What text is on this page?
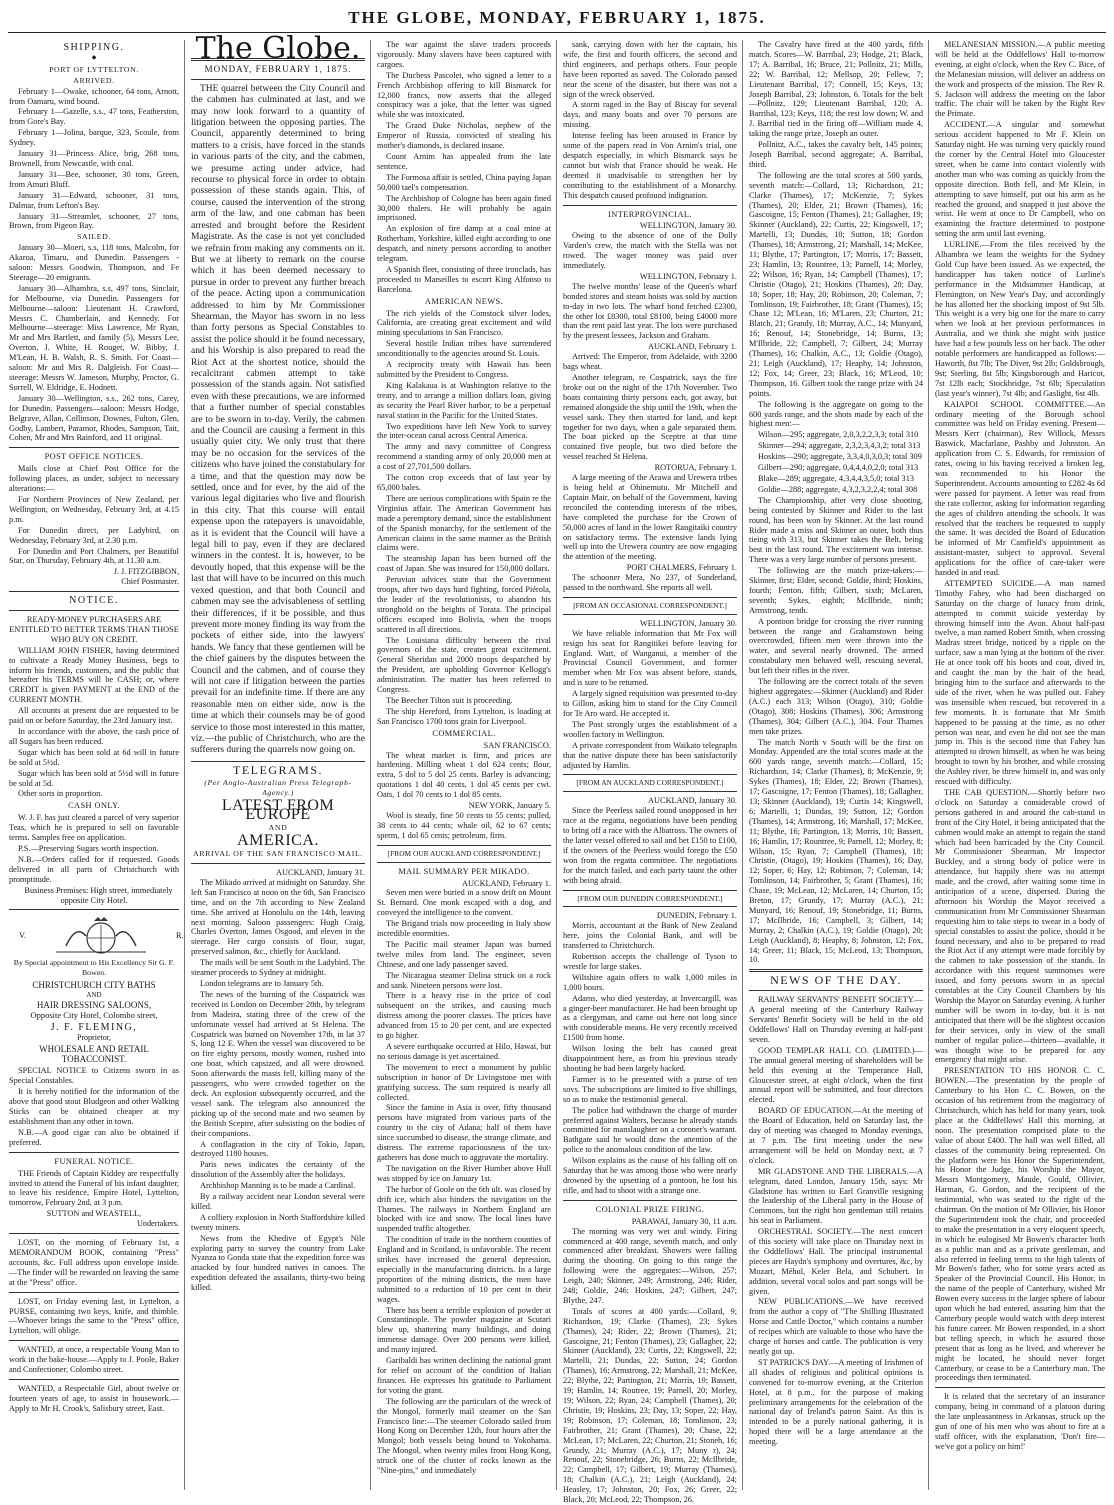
THE GLOBE, MONDAY, FEBRUARY 1, 1875.
SHIPPING.
◆
PORT OF LYTTELTON.
ARRIVED.

February 1—Owake, schooner, 64 tons, Arnott, from Oamaru, wind bound.

February 1—Gazelle, s.s., 47 tons, Featherston, from Gore's Bay.

February 1—Jolina, barque, 323, Scoule, from Sydney.

January 31—Princess Alice, brig, 268 tons, Brownell, from Newcastle, with coal.

January 31—Bee, schooner, 30 tons, Green, from Amuri Bluff.

January 31—Edward, schooner, 31 tons, Dalmar, from Lefton's Bay.

January 31—Streamlet, schooner, 27 tons, Brown, from Pigeon Bay.

SAILED.

January 30—Moeri, s.s, 118 tons, Malcolm, for Akaroa, Timaru, and Dunedin. Passengers - saloon: Messrs Goodwin, Thompson, and Fe Steerage—20 emigrants.

January 30—Alhambra, s.s, 497 tons, Sinclair, for Melbourne, via Dunedin. Passengers for Melbourne—saloon: Lieutenant H. Crawford, Messrs C. Chamberlain, and Kennedy. For Melbourne—steerage: Miss Lawrence, Mr Ryan, Mr and Mrs Bartlett, and family (5), Messrs Lee, Overton, J. White, H. Rouget, W. Bibby, J. M'Lean, H. B. Walsh, R. S. Smith. For Coast—saloon: Mr and Mrs R. Dalgleish. For Coast—steerage: Messrs W. Jameson, Murphy, Proctor, G. Sorrell, W. Eldridge, E. Hodnett.

January 30—Wellington, s.s., 262 tons, Carey, for Dunedin. Passengers—saloon: Messrs Hodge, Belgrave, Allan, Collinson, Downes, Fulton, Glen, Godby, Lambert, Paramor, Rhodes, Sampson, Tait, Cohen, Mr and Mrs Rainford, and 11 original.

POST OFFICE NOTICES.

Mails close at Chief Post Office for the following places, as under, subject to necessary alterations:—

For Northern Provinces of New Zealand, per Wellington, on Wednesday, February 3rd, at 4.15 p.m.

For Dunedin direct, per Ladybird, on Wednesday, February 3rd, at 2.30 p.m.

For Dunedin and Port Chalmers, per Beautiful Star, on Thursday, February 4th, at 11.30 a.m.

J. J. FITZGIBBON,
Chief Postmaster.
NOTICE.

READY-MONEY PURCHASERS ARE ENTITLED TO BETTER TERMS THAN THOSE WHO BUY ON CREDIT.

WILLIAM JOHN FISHER, having determined to cultivate a Ready Money Business, begs to inform his friends, customers, and the public that hereafter his TERMS will be CASH; or, where CREDIT is given PAYMENT at the END of the CURRENT MONTH.

All accounts at present due are requested to be paid on or before Saturday, the 23rd January inst.

In accordance with the above, the cash price of all Sugars has been reduced.

Sugar which has been sold at 6d will in future be sold at 5½d.

Sugar which has been sold at 5½d will in future be sold at 5d.

Other sorts in proportion.

CASH ONLY.

W. J. F. has just cleared a parcel of very superior Teas, which he is prepared to sell on favorable terms. Samples free on application.

P.S.—Preserving Sugars worth inspection.

N.B.—Orders called for if requested. Goods delivered in all parts of Christchurch with promptitude.

Business Premises: High street, immediately opposite City Hotel.

V.	R.
By Special appointment to His Excellency Sir G. F. Bowen.
CHRISTCHURCH CITY BATHS
AND
HAIR DRESSING SALOONS,
Opposite City Hotel, Colombo street,
J. F. FLEMING,
Proprietor,
WHOLESALE AND RETAIL TOBACCONIST.

SPECIAL NOTICE to Citizens sworn in as Special Constables.

It is hereby notified for the information of the above that good stout Bludgeon and other Walking Sticks can be obtained cheaper at my establishment than any other in town.

N.B.—A good cigar can also be obtained if preferred.

FUNERAL NOTICE.

THE Friends of Captain Kiddey are respectfully invited to attend the Funeral of his infant daughter, to leave his residence, Empire Hotel, Lyttelton, tomorrow, February 2nd, at 3 p.m.

SUTTON and WEASTELL,
Undertakers.

LOST, on the morning of February 1st, a MEMORANDUM BOOK, containing "Press" accounts, &c. Full address upon envelope inside.—The finder will be rewarded on leaving the same at the "Press" office.

LOST, on Friday evening last, in Lyttelton, a PURSE, containing two keys, knife, and thimble.—Whoever brings the same to the "Press" office, Lyttelton, will oblige.

WANTED, at once, a respectable Young Man to work in the bake-house.—Apply to J. Poole, Baker and Confectioner, Colombo street.

WANTED, a Respectable Girl, about twelve or fourteen years of age, to assist in housework.—Apply to Mr H. Crook's, Salisbury street, East.

The Globe.
MONDAY, FEBRUARY 1, 1875.

THE quarrel between the City Council and the cabmen has culminated at last, and we may now look forward to a quantity of litigation between the opposing parties. The Council, apparently determined to bring matters to a crisis, have forced in the stands in various parts of the city, and the cabmen, we presume acting under advice, had recourse to physical force in order to obtain possession of these stands again. This, of course, caused the intervention of the strong arm of the law, and one cabman has been arrested and brought before the Resident Magistrate. As the case is not yet concluded we refrain from making any comments on it. But we at liberty to remark on the course which it has been deemed necessary to pursue in order to prevent any further breach of the peace. Acting upon a communication addressed to him by Mr Commissioner Shearman, the Mayor has sworn in no less than forty persons as Special Constables to assist the police should it be found necessary, and his Worship is also prepared to read the Riot Act at the shortest notice, should the recalcitrant cabmen attempt to take possession of the stands again. Not satisfied even with these precautions, we are informed that a further number of special constables are to be sworn in to-day. Verily, the cabmen and the Council are causing a ferment in this usually quiet city. We only trust that there may be no occasion for the services of the citizens who have joined the constabulary for a time, and that the question may now be settled, once and for ever, by the aid of the various legal digitaries who live and flourish in this city. That this course will entail expense upon the ratepayers is unavoidable, as it is evident that the Council will have a legal bill to pay, even if they are declared winners in the contest. It is, however, to be devoutly hoped, that this expense will be the last that will have to be incurred on this much vexed question, and that both Council and cabmen may see the advisableness of settling their differences, if it be possible, and thus prevent more money finding its way from the pockets of either side, into the lawyers' hands. We fancy that these gentlemen will be the chief gainers by the disputes between the Council and the cabmen, and of course they will not care if litigation between the parties prevail for an indefinite time. If there are any reasonable men on either side, now is the time at which their counsels may be of good service to those most interested in this matter, viz.—the public of Christchurch, who are the sufferers during the quarrels now going on.

TELEGRAMS.
(Per Anglo-Australian Press Telegraph-Agency.)
LATEST FROM EUROPE
AND
AMERICA.
ARRIVAL OF THE SAN FRANCISCO MAIL.
AUCKLAND, January 31.

The Mikado arrived at midnight on Saturday. She left San Francisco at noon on the 6th, San Francisco time, and on the 7th according to New Zealand time. She arrived at Honolulu on the 14th, leaving next morning. Saloon passengers: Hugh Craig, Charles Overton, James Osgood, and eleven in the steerage. Her cargo consists of flour, sugar, preserved salmon, &c., chiefly for Auckland.

The mails will be sent South in the Ladybird. The steamer proceeds to Sydney at midnight.

London telegrams are to January 5th.

The news of the burning of the Cospatrick was received in London on December 28th, by telegram from Madeira, stating three of the crew of the unfortunate vessel had arrived at St Helena. The Cospatrick was burned on November 17th, in lat 37 S, long 12 E. When the vessel was discovered to be on fire eighty persons, mostly women, rushed into one boat, which capsized, and all were drowned. Soon afterwards the masts fell, killing many of the passengers, who were crowded together on the deck. An explosion subsequently occurred, and the vessel sank. The telegram also announced the picking up of the second mate and two seamen by the British Sceptre, after subsisting on the bodies of their companions.

A conflagration in the city of Tokio, Japan, destroyed 1180 houses.

Paris news indicates the certainty of the dissolution of the Assembly after the holidays.

Archbishop Manning is to be made a Cardinal.

By a railway accident near London several were killed.

A colliery explosion in North Staffordshire killed twenty miners.

News from the Khedive of Egypt's Nile exploring party to survey the country from Lake Nyanza to Gonda state that the expedition force was attacked by four hundred natives in canoes. The expedition defeated the assailants, thirty-two being killed.

The war against the slave traders proceeds vigorously. Many slavers have been captured with cargoes.

The Duchess Pascolet, who signed a letter to a French Archbishop offering to kill Bismarck for 12,000 francs, now asserts that the alleged conspiracy was a joke, that the letter was signed while she was intoxicated.

The Grand Duke Nicholas, nephew of the Emperor of Russia, convicted of stealing his mother's diamonds, is declared insane.

Count Arnim has appealed from the late sentence.

The Formosa affair is settled, China paying Japan 50,000 tael's compensation.

The Archbishop of Cologne has been again fined 30,000 thalers. He will probably be again imprisoned.

An explosion of fire damp at a coal mine at Rotherham, Yorkshire, killed eight according to one despatch, and ninety persons according to another telegram.

A Spanish fleet, consisting of three ironclads, has proceeded to Marseilles to escort King Alfonso to Barcelona.

AMERICAN NEWS.

The rich yields of the Comstock silver lodes, California, are creating great excitement and wild mining speculations in San Francisco.

Several hostile Indian tribes have surrendered unconditionally to the agencies around St. Louis.

A reciprocity treaty with Hawaii has been submitted by the President to Congress.

King Kalakaua is at Washington relative to the treaty, and to arrange a million dollars loan, giving as security the Pearl River harbor, to be a perpetual naval station in the Pacific for the United States.

Two expeditions have left New York to survey the inter-ocean canal across Central America.

The army and navy committee of Congress recommend a standing army of only 20,000 men at a cost of 27,701,500 dollars.

The cotton crop exceeds that of last year by 65,000 bales.

There are serious complications with Spain re the Virginius affair. The American Government has made a peremptory demand, since the establishment of the Spanish monarchy, for the settlement of the American claims in the same manner as the British claims were.

The steamship Japan has been burned off the coast of Japan. She was insured for 150,000 dollars.

Peruvian advices state that the Government troops, after two days hard fighting, forced Piérola, the leader of the revolutionists, to abandon his stronghold on the heights of Torata. The principal officers escaped into Bolivia, when the troops scattered in all directions.

The Louisiana difficulty between the rival governors of the state, creates great excitement. General Sheridan and 2000 troops despatched by the President, are upholding Governor Kellogg's administration. The matter has been referred to Congress.

The Beecher Tilton suit is proceeding.

The ship Hereford, from Lyttelton, is loading at San Francisco 1700 tons grain for Liverpool.

COMMERCIAL.
SAN FRANCISCO.

The wheat market is firm, and prices are hardening. Milling wheat 1 dol 624 cents; flour, extra, 5 dol to 5 dol 25 cents. Barley is advancing; quotations 1 dol 40 cents, 1 dol 45 cents per cwt. Oats, 1 dol 70 cents to 1 dol 85 cents.

NEW YORK, January 5.

Wool is steady, fine 50 cents to 55 cents; pulled, 38 cents to 44 cents; whale oil, 62 to 67 cents; sperm, 1 dol 65 cents; petroleum, firm.

[FROM OUR AUCKLAND CORRESPONDENT.]
MAIL SUMMARY PER MIKADO.
AUCKLAND, February 1.

Seven men were buried in a snow drift on Mount St. Bernard. One monk escaped with a dog, and conveyed the intelligence to the convent.

The Brigand trials now proceeding in Italy show incredible enormities.

The Pacific mail steamer Japan was burned twelve miles from land. The engineer, seven Chinese, and one lady passenger saved.

The Nicaragua steamer Delina struck on a rock and sank. Nineteen persons were lost.

There is a heavy rise in the price of coal subsequent on the strikes, and causing much distress among the poorer classes. The prices have advanced from 15 to 20 per cent, and are expected to go higher.

A severe earthquake occurred at Hilo, Hawai, but no serious damage is yet ascertained.

The movement to erect a monument by public subscription in honor of Dr Livingstone met with gratifying success. The sum required is nearly all collected.

Since the famine in Asia is over, fifty thousand persons have migrated from various parts of the country to the city of Adana; half of them have since succumbed to disease, the strange climate, and distress. The extreme rapaciousness of the tax-gatherers has done much to aggravate the mortality.

The navigation on the River Humber above Hull was stopped by ice on January 1st.

The harbor of Goole on the 6th ult. was closed by drift ice, which also hinders the navigation on the Thames. The railways in Northern England are blocked with ice and snow. The local lines have suspended traffic altogether.

The condition of trade in the northern counties of England and in Scotland, is unfavorable. The recent strikes have increased the general depression, especially in the manufacturing districts. In a large proportion of the mining districts, the men have submitted to a reduction of 10 per cent in their wages.

There has been a terrible explosion of powder at Constantinople. The powder magazine at Scutari blew up, shattering many buildings, and doing immense damage. Over 200 persons were killed, and many injured.

Garibaldi has written declining the national grant for relief on account of the condition of Italian finances. He expresses his gratitude to Parliament for voting the grant.

The following are the particulars of the wreck of the Mongol, formerly mail steamer on the San Francisco line:—The steamer Colorado sailed from Hong Kong on December 12th, four hours after the Mongol; both vessels being bound to Yokohama. The Mongol, when twenty miles from Hong Kong, struck one of the cluster of rocks known as the "Nine-pins," and immediately

sank, carrying down with her the captain, his wife, the first and fourth officers, the second and third engineers, and perhaps others. Four people have been reported as saved. The Colorado passed near the scene of the disaster, but there was not a sign of the wreck observed.

A storm raged in the Bay of Biscay for several days, and many boats and over 70 persons are missing.

Intense feeling has been aroused in France by some of the papers read in Von Arnim's trial, one despatch especially, in which Bismarck says he cannot but wish that France should be weak. He deemed it unadvisable to strengthen her by contributing to the establishment of a Monarchy. This despatch caused profound indignation.

INTERPROVINCIAL.
WELLINGTON, January 30.

Owing to the absence of one of the Dolly Varden's crew, the match with the Stella was not rowed. The wager money was paid over immediately.

WELLINGTON, February 1.

The twelve months' lease of the Queen's wharf bonded stores and steam hoists was sold by auction to-day in two lots. The wharf bond fetched £2300, the other lot £8300, total £8100, being £4000 more than the rent paid last year. The lots were purchased by the present lessees, Jackson and Graham.

AUCKLAND, February 1.

Arrived: The Emperor, from Adelaide, with 3200 bags wheat.

Another telegram, re Cospatrick, says the fire broke out on the night of the 17th November. Two boats containing thirty persons each, got away, but remained alongside the ship until the 19th, when the vessel sank. They then started for land, and kept together for two days, when a gale separated them. The boat picked up the Sceptre at that time contained five people, but two died before the vessel reached St Helena.

ROTORUA, February 1.

A large meeting of the Arawa and Urewera tribes is being held at Ohinemutu. Mr Mitchell and Captain Mair, on behalf of the Government, having reconciled the contending interests of the tribes, have completed the purchase for the Crown of 50,000 acres of land in the lower Rangitaiki country on satisfactory terms. The extensive lands lying well up into the Urewera country are now engaging the attention of the meeting.

PORT CHALMERS, February 1.

The schooner Mera, No 237, of Sunderland, passed to the northward. She reports all well.

[FROM AN OCCASIONAL CORRESPONDENT.]
WELLINGTON, January 30.

We have reliable information that Mr Fox will resign his seat for Rangitikei before leaving for England. Watt, of Wanganui, a member of the Provincial Council Government, and former member when Mr Fox was absent before, stands, and is sure to be returned.

A largely signed requisition was presented to-day to Gillon, asking him to stand for the City Council for Te Aro ward. He accepted it.

The Post strongly urges the establishment of a woollen factory in Wellington.

A private correspondent from Waikato telegraphs that the native dispute there has been satisfactorily adjusted by Hamlin.

[FROM AN AUCKLAND CORRESPONDENT.]
AUCKLAND, January 30.

Since the Peerless sailed round unopposed in her race at the regatta, negotiations have been pending to bring off a race with the Albatross. The owners of the latter vessel offered to sail and bet £150 to £100, if the owners of the Peerless would forego the £50 won from the regatta committee. The negotiations for the match failed, and each party taunt the other with being afraid.

[FROM OUR DUNEDIN CORRESPONDENT.]
DUNEDIN, February 1.

Morris, accountant at the Bank of New Zealand here, joins the Colonial Bank, and will be transferred to Christchurch.

Robertson accepts the challenge of Tyson to wrestle for large stakes.

Wiltshire again offers to walk 1,000 miles in 1,000 hours.

Adams, who died yesterday, at Invercargill, was a ginger-beer manufacturer. He had been brought up as a clergyman, and came out here not long since with considerable means. He very recently received £1500 from home.

Wilson losing the belt has caused great disappointment here, as from his previous steady shooting he had been largely backed.

Farmer is to be presented with a purse of ten sovs. The subscriptions are limited to five shillings, so as to make the testimonial general.

The police had withdrawn the charge of murder preferred against Walters, because he already stands committed for manslaughter on a coroner's warrant. Bathgate said he would draw the attention of the police to the anomalous condition of the law.

Wilson explains as the cause of his falling off on Saturday that he was among those who were nearly drowned by the upsetting of a pontoon, he lost his rifle, and had to shoot with a strange one.

COLONIAL PRIZE FIRING.
PARAWAI, January 30, 11 a.m.

The morning was very wet and windy. Firing commenced at 400 range, seventh match, and only commenced after breakfast. Showers were falling during the shooting. On going to this range the following were the aggregates:—Wilson, 257; Leigh, 240; Skinner, 249; Armstrong, 246; Rider, 248; Goldie, 246; Hoskins, 247; Gilbert, 247; Blythe, 247.

Totals of scores at 400 yards:—Collard, 9; Richardson, 19; Clarke (Thames), 23; Sykes (Thames), 24; Rider, 22; Brown (Thames), 21; Gascoigne, 21; Fenton (Thames), 23; Gallagher, 22; Skinner (Auckland), 23; Curtis, 22; Kingswell, 22; Martelli, 21; Dundas, 22; Sutton, 24; Gordon (Thames), 16; Armstrong, 22; Marshall, 21; McKee, 22; Blythe, 22; Partington, 21; Morris, 19; Bassett, 19; Hamlin, 14; Routree, 19; Parnell, 20; Morley, 19; Wilson, 22; Ryan, 24; Campbell (Thames), 20; Christie, 19; Hoskins, 23; Day, 13; Soper, 22; Hay, 19; Robinson, 17; Coleman, 18; Tomlinson, 23; Fairbrother, 21; Grant (Thames), 20; Chase, 22; McLean, 17; McLaren, 22; Churton, 21; Stoneh, 16; Grundy, 21; Murray (A.C.), 17; Muny r), 24; Renouf, 22; Stonebridge, 26; Burns, 22; McIlbride, 22; Campbell, 17; Gilbert, 19; Murray (Thames), 18; Chalkin (A.C.), 21; Leigh (Auckland), 24; Heasley, 17; Johnston, 20; Fox, 26; Greer, 22; Black, 20; McLeod, 22; Thompson, 26.

The Cavalry have fired at the 400 yards, fifth match. Scores—W. Barribal, 23; Hodge, 21; Black, 17; A. Barribal, 16; Bruce, 21; Pollnitz, 21; Mills, 22; W. Barribal, 12; Mellsop, 20; Fellew, 7; Lieutenant Barribal, 17; Connell, 15; Keys, 13; Joseph Barribal, 23; Johnston, 6. Totals for the belt—Pollnitz, 129; Lieutenant Barribal, 120; A. Barribal, 123; Keys, 118; the rest low down; W. and J. Barribal tied in the firing off—William made 4, taking the range prize, Joseph an outer.

Pollnitz, A.C., takes the cavalry belt, 145 points; Joseph Barribal, second aggregate; A. Barribal, third.

The following are the total scores at 500 yards, seventh match:—Collard, 13; Richardson, 21; Clarke (Thames), 17; McKenzie, 7; Sykes (Thames), 20; Elder, 21; Brown (Thames), 16; Gascoigne, 15; Fenton (Thames), 21; Gallagher, 19; Skinner (Auckland), 22; Curtis, 22; Kingswell, 17; Martelli, 13; Dundas, 10; Sutton, 18; Gordon (Thames), 18; Armstrong, 21; Marshall, 14; McKee, 11; Blythe, 17; Partington, 17; Morris, 17; Bassett, 23; Hamlin, 13; Rountree, 13; Parnell, 14; Morley, 22; Wilson, 16; Ryan, 14; Campbell (Thames), 17; Christie (Otago), 21; Hoskins (Thames), 20; Day, 18; Soper, 18; Hay, 20; Robinson, 20; Coleman, 7; Tomlinson, 19; Fairbrother, 18; Grant (Thames), 15; Chase 12; M'Lean, 16; M'Laren, 23; Churton, 21; Blatch, 21; Grandy, 18; Murray, A.C., 14; Munyard, 16; Renouf, 14; Stonebridge, 14; Burns, 13; M'Ilbride, 22; Campbell, 7; Gilbert, 24; Murray (Thames), 16; Chalkin, A.C., 13; Goldie (Otago), 21; Leigh (Auckland), 17; Heaphy, 14; Johnston, 12; Fox, 14; Greer, 23; Black, 16; M'Leod, 10; Thompson, 16. Gilbert took the range prize with 24 points.

The following is the aggregate on going to the 600 yards range, and the shots made by each of the highest men:—

Wilson—295; aggregate, 2,0,3,2,2,3,3; total 310

Skinner—294; aggregate, 2,3,2,3,4,3,2; total 313

Hoskins—290; aggregate, 3,3,4,0,3,0,3; total 309

Gilbert—290; aggregate, 0,4,4,4,0,2,0; total 313

Blake—289; aggregate, 4,3,4,4,3,5,0; total 313

Goldie—288; aggregate, 4,3,2,3,2,2,4; total 308

The Championship, after very close shooting, being contested by Skinner and Rider to the last round, has been won by Skinner. At the last round Rider made a miss and Skinner an outer, both thus tieing with 313, but Skinner takes the Belt, being best in the last round. The excitement was intense. There was a very large number of persons present.

The following are the match prize-takers:—Skinner, first; Elder, second; Goldie, third; Hoskins, fourth; Fenton, fifth; Gilbert, sixth; McLaren, seventh; Sykes, eighth; McIlbride, ninth; Armstrong, tenth.

A pontoon bridge for crossing the river running between the range and Grahamstown being overcrowded, fifteen men were thrown into the water, and several nearly drowned. The armed constabulary men behaved well, rescuing several, but left their rifles in the river.

The following are the correct totals of the seven highest aggregates:—Skinner (Auckland) and Rider (A.C.) each 313; Wilson (Otago), 310; Goldie (Otago), 308; Hoskins (Thames), 306; Armstrong (Thames), 304; Gilbert (A.C.), 304. Four Thames men take prizes.

The match North v South will be the first on Monday. Appended are the total scores made at the 600 yards range, seventh match:—Collard, 15; Richardson, 14; Clarke (Thames), 8; McKenzie, 9; Sykes (Thames), 18; Elder, 22; Brown (Thames), 17; Gascoigne, 17; Fenton (Thames), 18; Gallagher, 13; Skinner (Auckland), 19; Curtis 14; Kingswell, 6; Martelli, 1; Dundas, 19; Sutton, 12; Gordon (Thames), 14; Armstrong, 16; Marshall, 17; McKee, 11; Blythe, 16; Partington, 13; Morris, 10; Bassett, 16; Hamlin, 17; Rountree, 9; Parnell, 12; Morley, 8; Wilson, 15; Ryan, 7; Campbell (Thames), 18; Christie, (Otago), 19; Hoskins (Thames), 16; Day, 12; Soper, 6; Hay, 12; Robinson, 7; Coleman, 14; Tomlinson, 14; Fairbrother, 5; Grant (Thames), 16; Chase, 19; McLean, 12; McLaren, 14; Churton, 15; Breton, 17; Grundy, 17; Murray (A.C.), 21; Munyard, 16; Renouf, 19; Stonebridge, 11; Burns, 17; McIlbride, 16; Campbell, 3; Gilbert, 14; Murray, 2; Chalkin (A.C.), 19; Goldie (Otago), 20; Leigh (Auckland), 8; Heaphy, 8; Johnston, 12; Fox, 14; Greer, 11; Black, 15; McLeod, 13; Thompson, 10.

NEWS OF THE DAY.

RAILWAY SERVANTS' BENEFIT SOCIETY.—A general meeting of the Canterbury Railway Servants' Benefit Society will be held in the old Oddfellows' Hall on Thursday evening at half-past seven.

GOOD TEMPLAR HALL CO. (LIMITED.)—The annual general meeting of shareholders will be held this evening at the Temperance Hall, Gloucester street, at eight o'clock, when the first annual report will be submitted, and four directors elected.

BOARD OF EDUCATION.—At the meeting of the Board of Education, held on Saturday last, the day of meeting was changed to Monday evenings, at 7 p.m. The first meeting under the new arrangement will be held on Monday next, at 7 o'clock.

MR GLADSTONE AND THE LIBERALS.—A telegram, dated London, January 15th, says: Mr Gladstone has written to Earl Granville resigning the leadership of the Liberal party in the House of Commons, but the right hon gentleman still retains his seat in Parliament.

ORCHESTRAL SOCIETY.—The next concert of this society will take place on Thursday next in the Oddfellows' Hall. The principal instrumental pieces are Haydn's symphony and overtures, &c, by Mozart, Méhul, Keler Bela, and Schubert. In addition, several vocal solos and part songs will be given.

NEW PUBLICATIONS.—We have received from the author a copy of "The Shilling Illustrated Horse and Cattle Doctor," which contains a number of recipes which are valuable to those who have the charge of horses and cattle. The publication is very neatly got up.

ST PATRICK'S DAY.—A meeting of Irishmen of all shades of religious and political opinions is convened for to-morrow evening, at the Criterion Hotel, at 8 p.m., for the purpose of making preliminary arrangements for the celebration of the national day of Ireland's patron Saint. As this is intended to be a purely national gathering, it is hoped there will be a large attendance at the meeting.

MELANESIAN MISSION.—A public meeting will be held at the Oddfellows' Hall to-morrow evening, at eight o'clock, when the Rev C. Bice, of the Melanesian mission, will deliver an address on the work and prospects of the mission. The Rev R. S. Jackson will address the meeting on the labor traffic. The chair will be taken by the Right Rev the Primate.

ACCIDENT.—A singular and somewhat serious accident happened to Mr F. Klein on Saturday night. He was turning very quickly round the corner by the Central Hotel into Gloucester street, when he came into contact violently with another man who was coming as quickly from the opposite direction. Both fell, and Mr Klein, in attempting to save himself, put out his arm as he reached the ground, and snapped it just above the wrist. He went at once to Dr Campbell, who on examining the fracture determined to postpone setting the arm until last evening.

LURLINE.—From the files received by the Alhambra we learn the weights for the Sydney Gold Cup have been issued. As we expected, the handicapper has taken notice of Lurline's performance in the Midsummer Handicap, at Flemington, on New Year's Day, and accordingly he has allotted her the shocking impost of 9st 5lb. This weight is a very big one for the mare to carry when we look at her previous performances in Australia, and we think she might with justice have had a few pounds less on her back. The other notable performers are handicapped as follows:—Haworth, 8st 7lb; The Diver, 9st 2lb; Goldsbrough, 9st; Sterling, 8st 5lb; Kingsborough and Haricot, 7st 12lb each; Stockbridge, 7st 6lb; Speculation (last year's winner), 7st 4lb; and Gaslight, 6st 4lb.

KAIAPOI SCHOOL COMMITTEE.—An ordinary meeting of the Borough school committee was held on Friday evening. Present—Messrs Kerr (chairman), Rev Willock, Messrs Baswick, Macfarlane, Pashby and Johnston. An application from C. S. Edwards, for remission of rates, owing to his having received a broken leg, was recommended to his Honor the Superintendent. Accounts amounting to £282 4s 6d were passed for payment. A letter was read from the rate collector, asking for information regarding the ages of children attending the schools. It was resolved that the teachers be requested to supply the same. It was decided the Board of Education be informed of Mr Camfield's appointment as assistant-master, subject to approval. Several applications for the office of care-taker were handed in and read.

ATTEMPTED SUICIDE.—A man named Timothy Fahey, who had been discharged on Saturday on the charge of lunacy from drink, attempted to commit suicide yesterday by throwing himself into the Avon. About half-past twelve, a man named Robert Smith, when crossing Madras street bridge, noticed by a ripple on the surface, saw a man lying at the bottom of the river. He at once took off his boots and coat, dived in, and caught the man by the hair of the head, bringing him to the surface and afterwards to the side of the river, when he was pulled out. Fahey was insensible when rescued, but recovered in a few moments. It is fortunate that Mr Smith happened to be passing at the time, as no other person was near, and even he did not see the man jump in. This is the second time that Fahey has attempted to drown himself, as when he was being brought to town by his brother, and while crossing the Ashley river, he threw himself in, and was only rescued with difficulty.

THE CAB QUESTION.—Shortly before two o'clock on Saturday a considerable crowd of persons gathered in and around the cab-stand in front of the City Hotel, it being anticipated that the cabmen would make an attempt to regain the stand which had been barricaded by the City Council. Mr Commissioner Shearman, Mr Inspector Buckley, and a strong body of police were in attendance, but happily there was no attempt made, and the crowd, after waiting some time in anticipation of a scene, dispersed. During the afternoon his Worship the Mayor received a communication from Mr Commissioner Shearman requesting him to take steps to swear in a body of special constables to assist the police, should it be found necessary, and also to be prepared to read the Riot Act if any attempt were made forcibly by the cabmen to take possession of the stands. In accordance with this request summonses were issued, and forty persons sworn in as special constables at the City Council Chambers by his Worship the Mayor on Saturday evening. A further number will be sworn in to-day, but it is not anticipated that there will be the slightest occasion for their services, only in view of the small number of regular police—thirteen—available, it was thought wise to be prepared for any emergency that might arise.

PRESENTATION TO HIS HONOR C. C. BOWEN.—The presentation by the people of Canterbury to his Hon C. C. Bowen, on the occasion of his retirement from the magistracy of Christchurch, which has held for many years, took place at the Oddfellows' Hall this morning, at noon. The presentation comprised plate to the value of about £400. The hall was well filled, all classes of the community being represented. On the platform were his Honor the Superintendent, his Honor the Judge, his Worship the Mayor, Messrs Montgomery, Maude, Gould, Ollivier, Harman, G. Gordon, and the recipient of the testimonial, who was seated to the right of the chairman. On the motion of Mr Ollivier, his Honor the Superintendent took the chair, and proceeded to make the presentation in a very eloquent speech, in which he eulogised Mr Bowen's character both as a public man and as a private gentleman, and also referred in feeling terms to the high talents of Mr Bowen's father, who for some years acted as Speaker of the Provincial Council. His Honor, in the name of the people of Canterbury, wished Mr Bowen every success in the larger sphere of labour upon which he had entered, assuring him that the Canterbury people would watch with deep interest his future career. Mr Bowen responded, in a short but telling speech, in which he assured those present that as long as he lived, and wherever he might be located, he should never forget Canterbury, or cease to be a Canterbury man. The proceedings then terminated.

It is related that the secretary of an insurance company, being in command of a platoon during the late unpleasantness in Arkansas, struck up the gun of one of his men who was about to fire at a staff officer, with the explanation, 'Don't fire—we've got a policy on him!'
